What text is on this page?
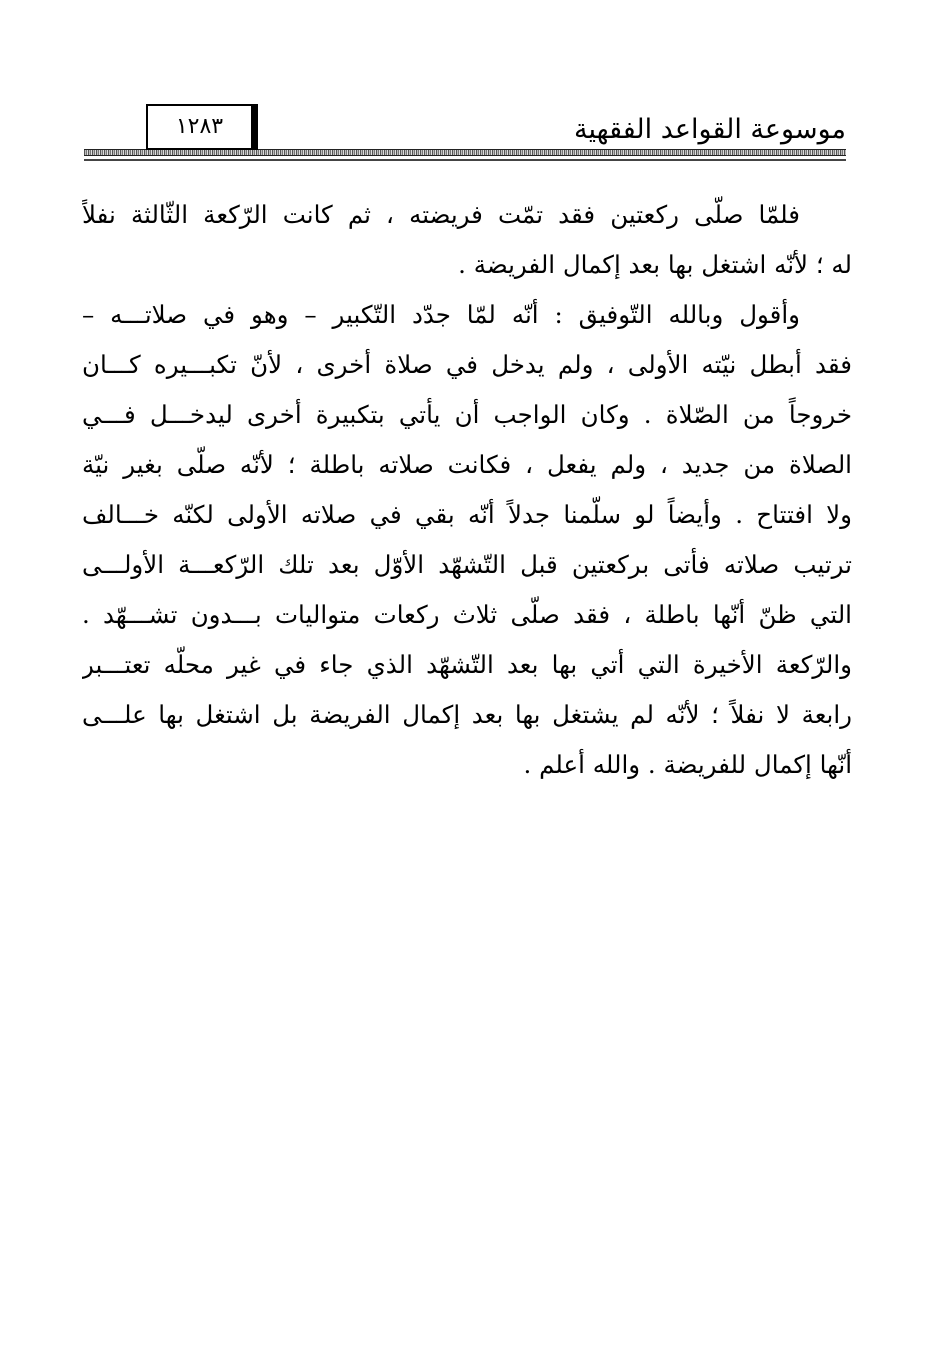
١٢٨٣	موسوعة القواعد الفقهية
فلمّا صلّى ركعتين فقد تمّت فريضته ، ثم كانت الرّكعة الثّالثة نفلاً
له ؛ لأنّه اشتغل بها بعد إكمال الفريضة .
وأقول وبالله التّوفيق : أنّه لمّا جدّد التّكبير – وهو في صلاتـــه –
فقد أبطل نيّته الأولى ، ولم يدخل في صلاة أخرى ، لأنّ تكبـــيره كـــان
خروجاً من الصّلاة . وكان الواجب أن يأتي بتكبيرة أخرى ليدخـــل فـــي
الصلاة من جديد ، ولم يفعل ، فكانت صلاته باطلة ؛ لأنّه صلّى بغير نيّة
ولا افتتاح . وأيضاً لو سلّمنا جدلاً أنّه بقي في صلاته الأولى لكنّه خـــالف
ترتيب صلاته فأتى بركعتين قبل التّشهّد الأوّل بعد تلك الرّكعـــة الأولـــى
التي ظنّ أنّها باطلة ، فقد صلّى ثلاث ركعات متواليات بـــدون تشـــهّد .
والرّكعة الأخيرة التي أتي بها بعد التّشهّد الذي جاء في غير محلّه تعتـــبر
رابعة لا نفلاً ؛ لأنّه لم يشتغل بها بعد إكمال الفريضة بل اشتغل بها علـــى
أنّها إكمال للفريضة . والله أعلم .
